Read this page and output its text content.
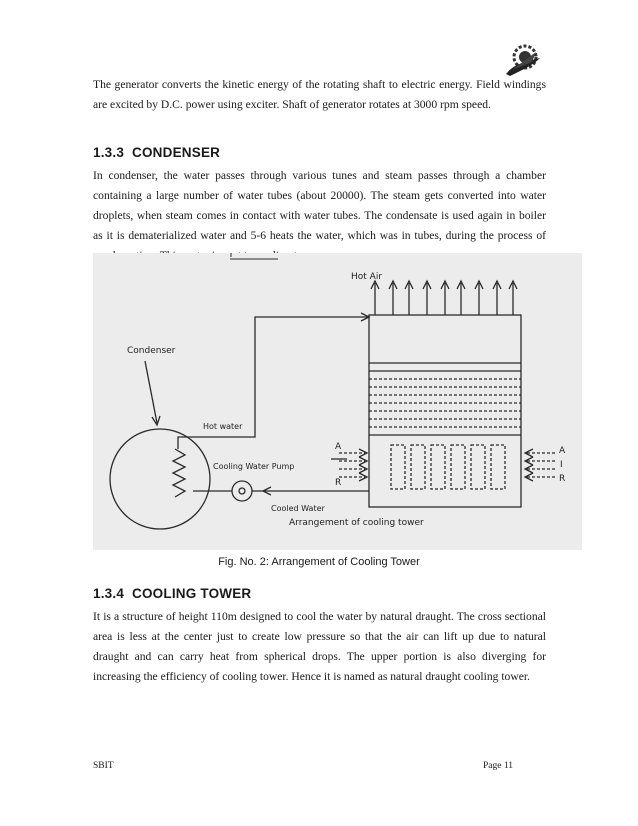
The generator converts the kinetic energy of the rotating shaft to electric energy. Field windings are excited by D.C. power using exciter. Shaft of generator rotates at 3000 rpm speed.

1.3.3 CONDENSER

In condenser, the water passes through various tunes and steam passes through a chamber containing a large number of water tubes (about 20000). The steam gets converted into water droplets, when steam comes in contact with water tubes. The condensate is used again in boiler as it is dematerialized water and 5-6 heats the water, which was in tubes, during the process of

Hot Air
Condenser
Hot water
Cooling Water Pump
Cooled Water
Arrangement of cooling tower
A
R
A
I
R
Fig. No. 2: Arrangement of Cooling Tower
1.3.4 COOLING TOWER

It is a structure of height 110m designed to cool the water by natural draught. The cross sectional area is less at the center just to create low pressure so that the air can lift up due to natural draught and can carry heat from spherical drops. The upper portion is also diverging for increasing the efficiency of cooling tower. Hence it is named as natural draught cooling tower.

SBIT	Page 11
